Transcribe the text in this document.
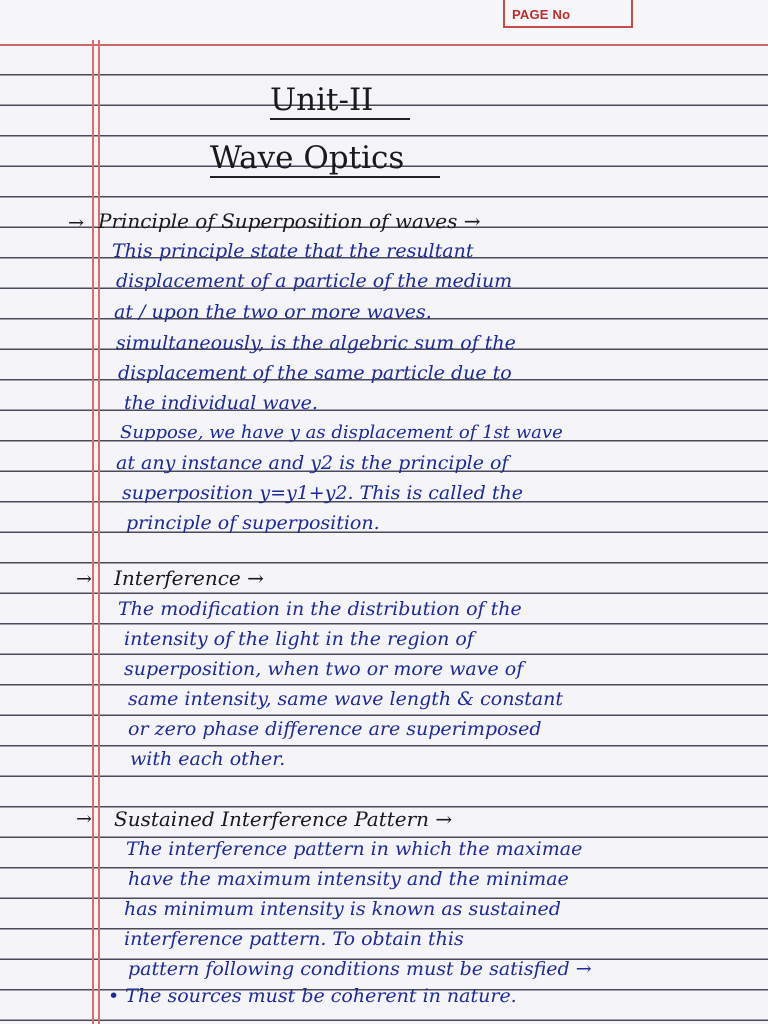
PAGE No
Unit-II
Wave Optics
→ Principle of Superposition of waves →
This principle state that the resultant
displacement of a particle of the medium
at / upon the two or more waves.
simultaneously, is the algebric sum of the
displacement of the same particle due to
the individual wave.
Suppose, we have y as displacement of 1st wave
at any instance and y2 is the principle of
superposition y=y1+y2. This is called the
principle of superposition.
→ Interference →
The modification in the distribution of the
intensity of the light in the region of
superposition, when two or more wave of
same intensity, same wave length & constant
or zero phase difference are superimposed
with each other.
→ Sustained Interference Pattern →
The interference pattern in which the maximae
have the maximum intensity and the minimae
has minimum intensity is known as sustained
interference pattern. To obtain this
pattern following conditions must be satisfied →
• The sources must be coherent in nature.
